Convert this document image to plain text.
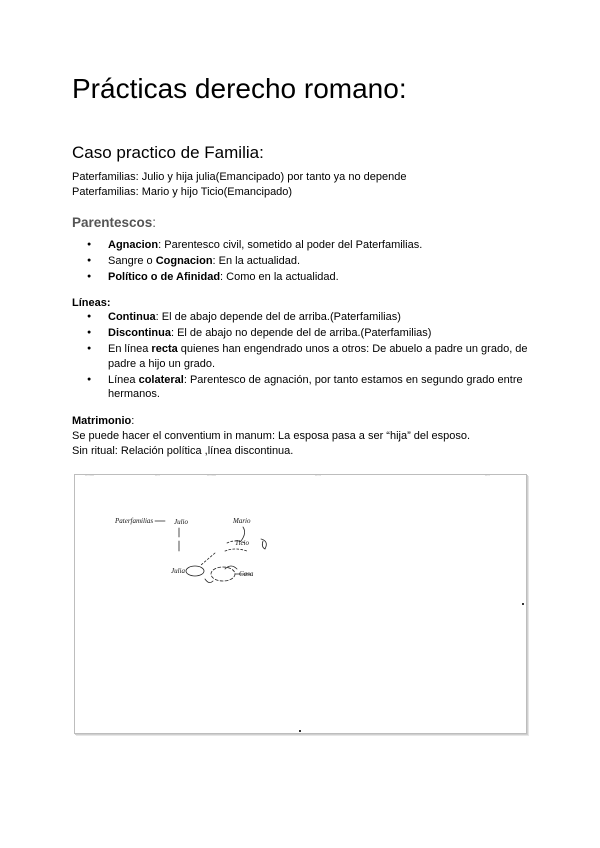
Prácticas derecho romano:
Caso practico de Familia:

Paterfamilias: Julio y hija julia(Emancipado) por tanto ya no depende

Paterfamilias: Mario y hijo Ticio(Emancipado)

Parentescos:

● Agnacion: Parentesco civil, sometido al poder del Paterfamilias.
● Sangre o Cognacion: En la actualidad.
● Político o de Afinidad: Como en la actualidad.

Líneas:

● Continua: El de abajo depende del de arriba.(Paterfamilias)
● Discontinua: El de abajo no depende del de arriba.(Paterfamilias)
● En línea recta quienes han engendrado unos a otros: De abuelo a padre un grado, de padre a hijo un grado.
● Línea colateral: Parentesco de agnación, por tanto estamos en segundo grado entre hermanos.

Matrimonio:

Se puede hacer el conventium in manum: La esposa pasa a ser “hija” del esposo.

Sin ritual: Relación política ,línea discontinua.

········	····	········	·····	····
Paterfamilias	Julio	Mario
Ticio
Julia	Casa
